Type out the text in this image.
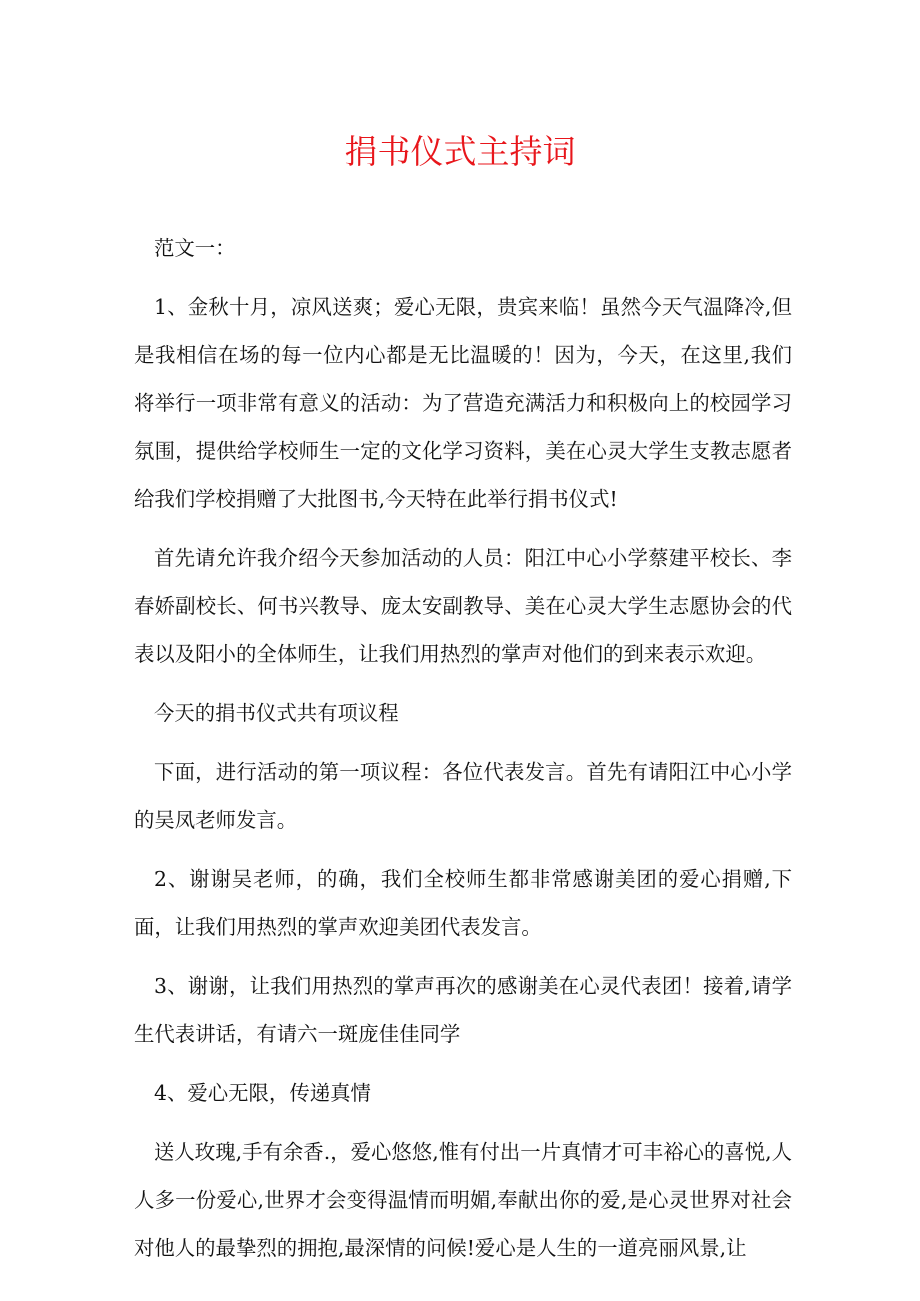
捐书仪式主持词

范文一：

1、金秋十月，凉风送爽；爱心无限，贵宾来临！虽然今天气温降冷,但是我相信在场的每一位内心都是无比温暖的！因为，今天，在这里,我们将举行一项非常有意义的活动：为了营造充满活力和积极向上的校园学习氛围，提供给学校师生一定的文化学习资料，美在心灵大学生支教志愿者给我们学校捐赠了大批图书,今天特在此举行捐书仪式!

首先请允许我介绍今天参加活动的人员：阳江中心小学蔡建平校长、李春娇副校长、何书兴教导、庞太安副教导、美在心灵大学生志愿协会的代表以及阳小的全体师生，让我们用热烈的掌声对他们的到来表示欢迎。

今天的捐书仪式共有项议程

下面，进行活动的第一项议程：各位代表发言。首先有请阳江中心小学的吴凤老师发言。

2、谢谢吴老师，的确，我们全校师生都非常感谢美团的爱心捐赠,下面，让我们用热烈的掌声欢迎美团代表发言。

3、谢谢，让我们用热烈的掌声再次的感谢美在心灵代表团！接着,请学生代表讲话，有请六一斑庞佳佳同学

4、爱心无限，传递真情

送人玫瑰,手有余香.，爱心悠悠,惟有付出一片真情才可丰裕心的喜悦,人人多一份爱心,世界才会变得温情而明媚,奉献出你的爱,是心灵世界对社会对他人的最挚烈的拥抱,最深情的问候!爱心是人生的一道亮丽风景,让
